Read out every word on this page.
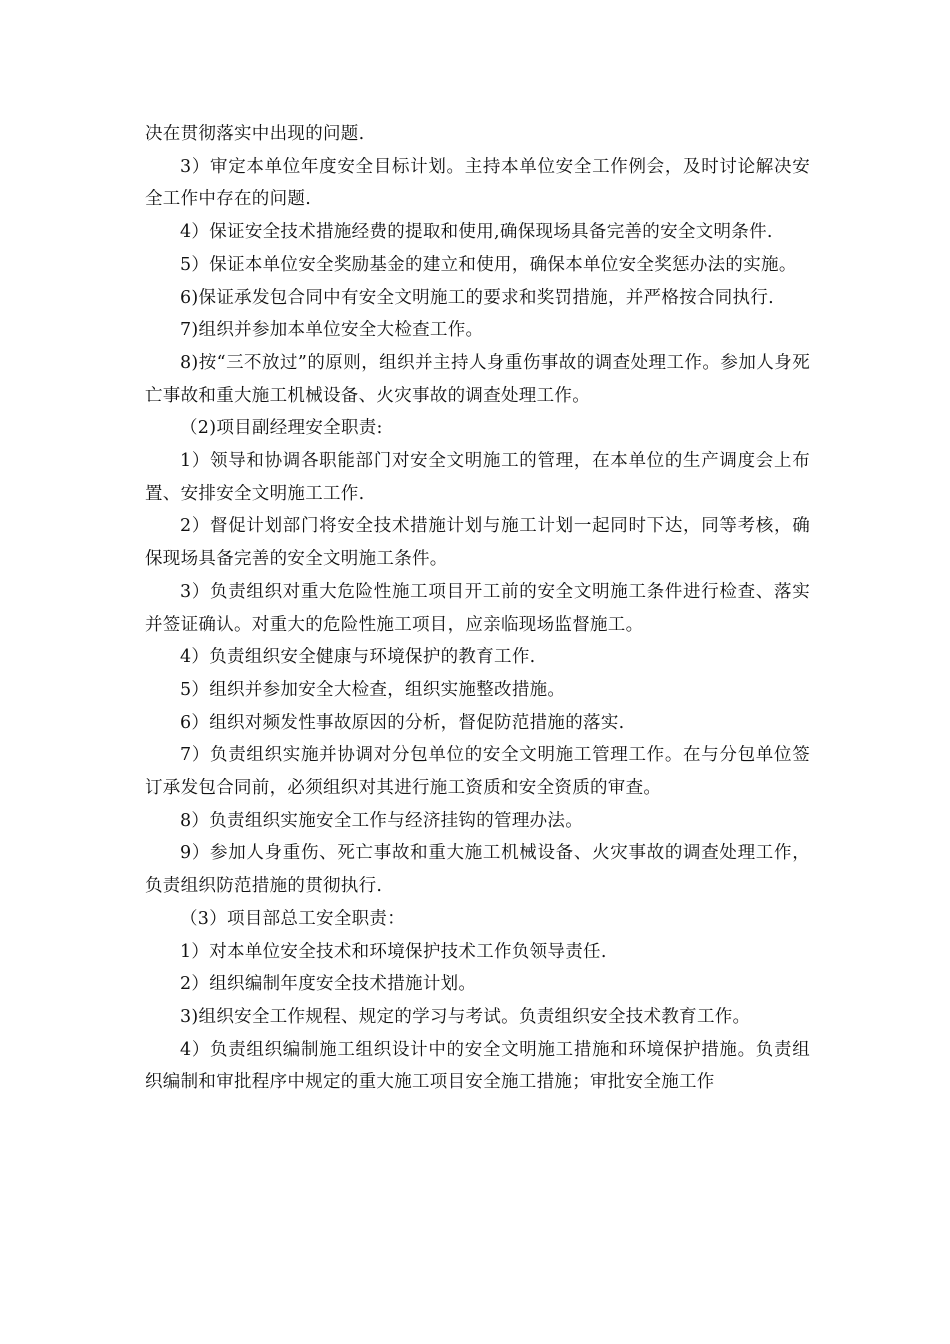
决在贯彻落实中出现的问题.

3）审定本单位年度安全目标计划。主持本单位安全工作例会，及时讨论解决安全工作中存在的问题.

4）保证安全技术措施经费的提取和使用,确保现场具备完善的安全文明条件.

5）保证本单位安全奖励基金的建立和使用，确保本单位安全奖惩办法的实施。

6)保证承发包合同中有安全文明施工的要求和奖罚措施，并严格按合同执行.

7)组织并参加本单位安全大检查工作。

8)按“三不放过”的原则，组织并主持人身重伤事故的调查处理工作。参加人身死亡事故和重大施工机械设备、火灾事故的调查处理工作。

（2)项目副经理安全职责:

1）领导和协调各职能部门对安全文明施工的管理，在本单位的生产调度会上布置、安排安全文明施工工作.

2）督促计划部门将安全技术措施计划与施工计划一起同时下达，同等考核，确保现场具备完善的安全文明施工条件。

3）负责组织对重大危险性施工项目开工前的安全文明施工条件进行检查、落实并签证确认。对重大的危险性施工项目，应亲临现场监督施工。

4）负责组织安全健康与环境保护的教育工作.

5）组织并参加安全大检查，组织实施整改措施。

6）组织对频发性事故原因的分析，督促防范措施的落实.

7）负责组织实施并协调对分包单位的安全文明施工管理工作。在与分包单位签订承发包合同前，必须组织对其进行施工资质和安全资质的审查。

8）负责组织实施安全工作与经济挂钩的管理办法。

9）参加人身重伤、死亡事故和重大施工机械设备、火灾事故的调查处理工作，负责组织防范措施的贯彻执行.

（3）项目部总工安全职责：

1）对本单位安全技术和环境保护技术工作负领导责任.

2）组织编制年度安全技术措施计划。

3)组织安全工作规程、规定的学习与考试。负责组织安全技术教育工作。

4）负责组织编制施工组织设计中的安全文明施工措施和环境保护措施。负责组织编制和审批程序中规定的重大施工项目安全施工措施；审批安全施工作
